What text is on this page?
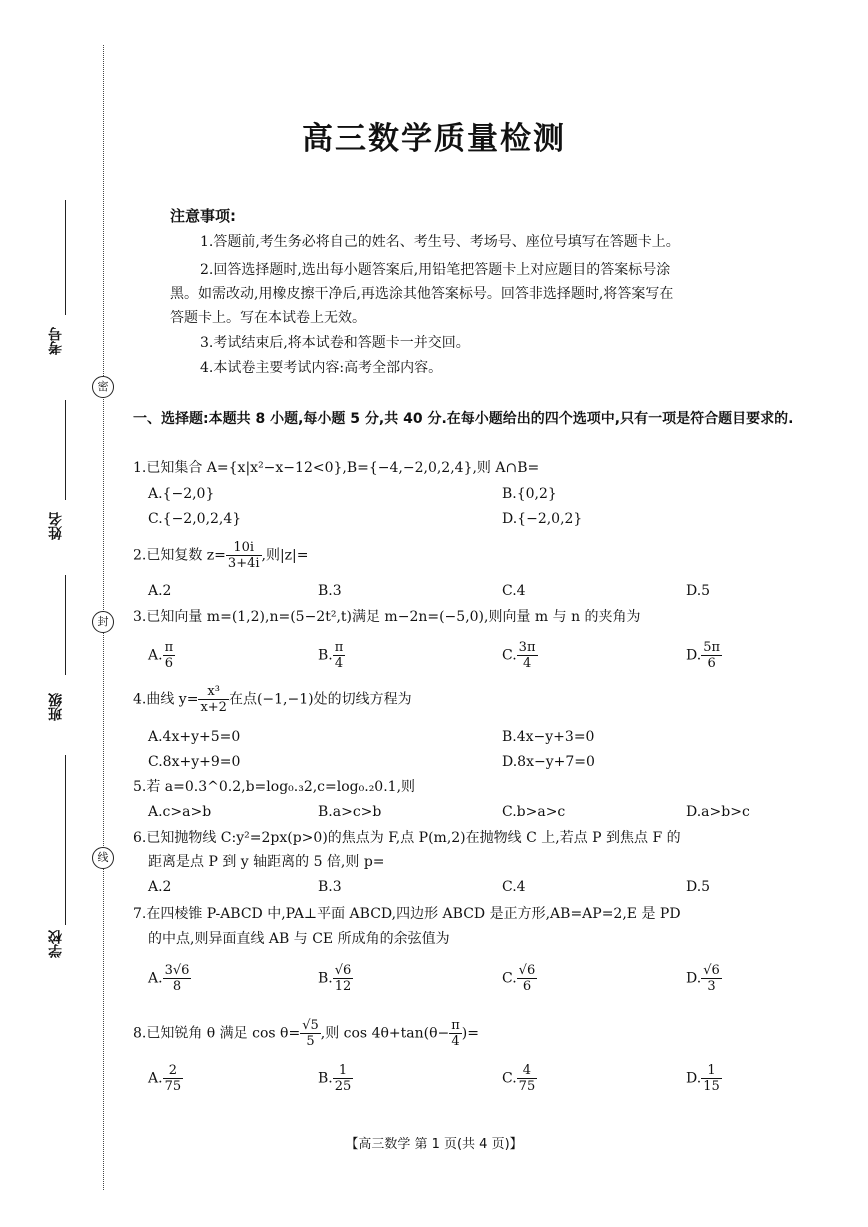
密
封
线
考号
姓名
班级
学校
高三数学质量检测
注意事项:

1.答题前,考生务必将自己的姓名、考生号、考场号、座位号填写在答题卡上。

2.回答选择题时,选出每小题答案后,用铅笔把答题卡上对应题目的答案标号涂

黑。如需改动,用橡皮擦干净后,再选涂其他答案标号。回答非选择题时,将答案写在

答题卡上。写在本试卷上无效。

3.考试结束后,将本试卷和答题卡一并交回。

4.本试卷主要考试内容:高考全部内容。

一、选择题:本题共 8 小题,每小题 5 分,共 40 分.在每小题给出的四个选项中,只有一项是符合题目要求的.
1.已知集合 A={x|x²−x−12<0},B={−4,−2,0,2,4},则 A∩B=
A.{−2,0}	B.{0,2}
C.{−2,0,2,4}	D.{−2,0,2}
2.已知复数 $z= \frac{10i}{3+4i}$ ,则|z|=
A.2	B.3	C.4	D.5
3.已知向量 m=(1,2),n=(5−2t²,t)满足 m−2n=(−5,0),则向量 m 与 n 的夹角为
A. $\frac{\pi}{6}$	B. $\frac{\pi}{4}$	C. $\frac{3\pi}{4}$	D. $\frac{5\pi}{6}$
4.曲线 $y= \frac{\text{x³}}{x+2}$ 在点(−1,−1)处的切线方程为
A.4x+y+5=0	B.4x−y+3=0
C.8x+y+9=0	D.8x−y+7=0
5.若 a=0.3^0.2,b=log₀.₃2,c=log₀.₂0.1,则
A.c>a>b	B.a>c>b	C.b>a>c	D.a>b>c
6.已知抛物线 C:y²=2px(p>0)的焦点为 F,点 P(m,2)在抛物线 C 上,若点 P 到焦点 F 的
距离是点 P 到 y 轴距离的 5 倍,则 p=
A.2	B.3	C.4	D.5
7.在四棱锥 P-ABCD 中,PA⊥平面 ABCD,四边形 ABCD 是正方形,AB=AP=2,E 是 PD
的中点,则异面直线 AB 与 CE 所成角的余弦值为
A. $\frac{3√6}{8}$	B. $\frac{√6}{12}$	C. $\frac{√6}{6}$	D. $\frac{√6}{3}$
8.已知锐角 θ 满足 $\cos \theta= \frac{√5}{5}$ ,则 $\cos 4\theta+\tan(\theta- \frac{\pi}{4}$ )=
A. $\frac{2}{75}$	B. $\frac{1}{25}$	C. $\frac{4}{75}$	D. $\frac{1}{15}$
【高三数学 第 1 页(共 4 页)】
